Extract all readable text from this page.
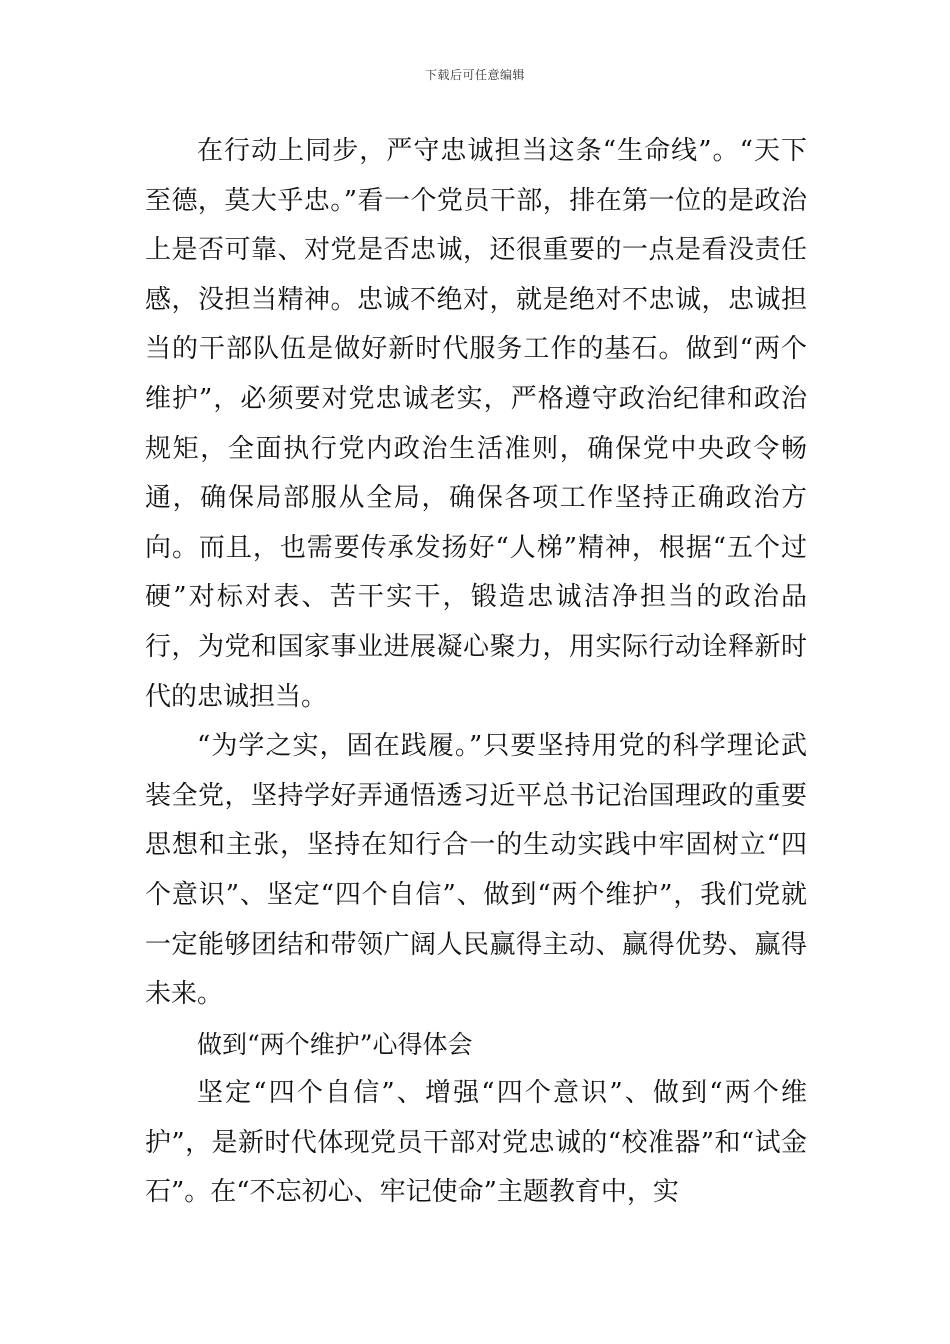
下载后可任意编辑

在行动上同步，严守忠诚担当这条“生命线”。“天下至德，莫大乎忠。”看一个党员干部，排在第一位的是政治上是否可靠、对党是否忠诚，还很重要的一点是看没责任感，没担当精神。忠诚不绝对，就是绝对不忠诚，忠诚担当的干部队伍是做好新时代服务工作的基石。做到“两个维护”，必须要对党忠诚老实，严格遵守政治纪律和政治规矩，全面执行党内政治生活准则，确保党中央政令畅通，确保局部服从全局，确保各项工作坚持正确政治方向。而且，也需要传承发扬好“人梯”精神，根据“五个过硬”对标对表、苦干实干，锻造忠诚洁净担当的政治品行，为党和国家事业进展凝心聚力，用实际行动诠释新时代的忠诚担当。

“为学之实，固在践履。”只要坚持用党的科学理论武装全党，坚持学好弄通悟透习近平总书记治国理政的重要思想和主张，坚持在知行合一的生动实践中牢固树立“四个意识”、坚定“四个自信”、做到“两个维护”，我们党就一定能够团结和带领广阔人民赢得主动、赢得优势、赢得未来。

做到“两个维护”心得体会

坚定“四个自信”、增强“四个意识”、做到“两个维护”，是新时代体现党员干部对党忠诚的“校准器”和“试金石”。在“不忘初心、牢记使命”主题教育中，实
